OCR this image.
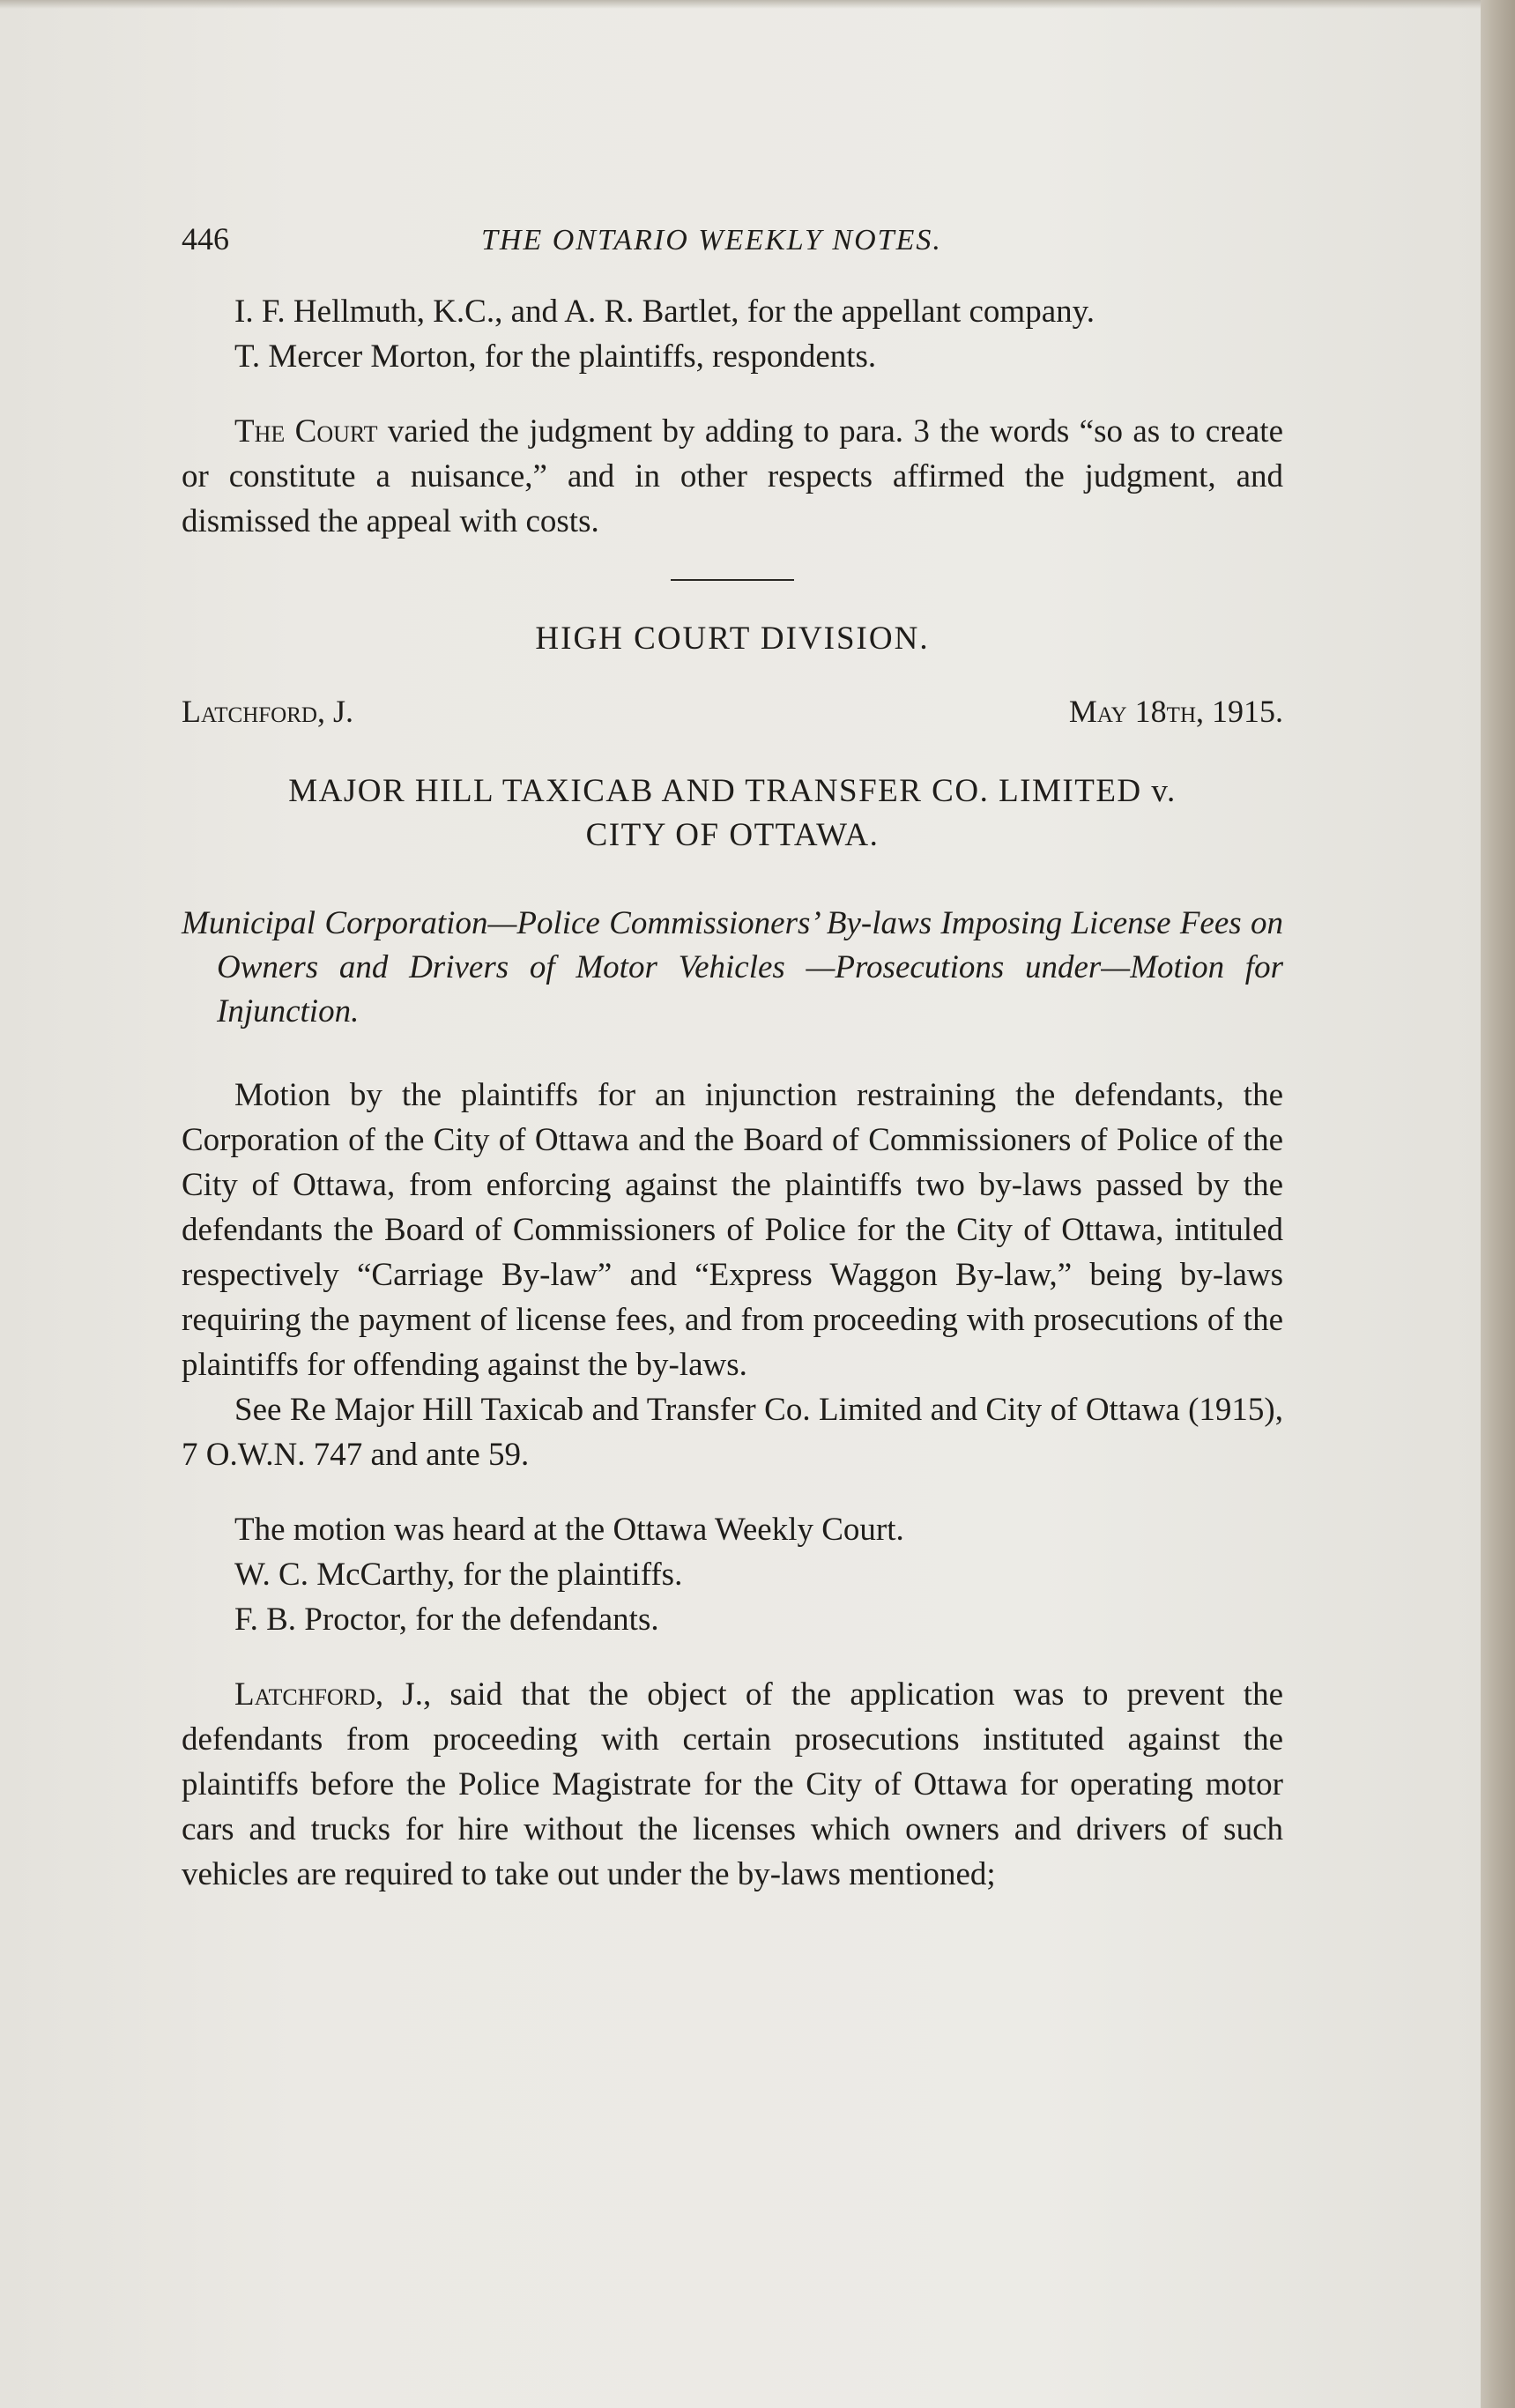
446	THE ONTARIO WEEKLY NOTES.

I. F. Hellmuth, K.C., and A. R. Bartlet, for the appellant company.

T. Mercer Morton, for the plaintiffs, respondents.

The Court varied the judgment by adding to para. 3 the words “so as to create or constitute a nuisance,” and in other respects affirmed the judgment, and dismissed the appeal with costs.

HIGH COURT DIVISION.
Latchford, J.	May 18th, 1915.
MAJOR HILL TAXICAB AND TRANSFER CO. LIMITED v.
CITY OF OTTAWA.

Municipal Corporation—Police Commissioners’ By-laws Imposing License Fees on Owners and Drivers of Motor Vehicles —Prosecutions under—Motion for Injunction.

Motion by the plaintiffs for an injunction restraining the defendants, the Corporation of the City of Ottawa and the Board of Commissioners of Police of the City of Ottawa, from enforcing against the plaintiffs two by-laws passed by the defendants the Board of Commissioners of Police for the City of Ottawa, intituled respectively “Carriage By-law” and “Express Waggon By-law,” being by-laws requiring the payment of license fees, and from proceeding with prosecutions of the plaintiffs for offending against the by-laws.

See Re Major Hill Taxicab and Transfer Co. Limited and City of Ottawa (1915), 7 O.W.N. 747 and ante 59.

The motion was heard at the Ottawa Weekly Court.

W. C. McCarthy, for the plaintiffs.

F. B. Proctor, for the defendants.

Latchford, J., said that the object of the application was to prevent the defendants from proceeding with certain prosecutions instituted against the plaintiffs before the Police Magistrate for the City of Ottawa for operating motor cars and trucks for hire without the licenses which owners and drivers of such vehicles are required to take out under the by-laws mentioned;
